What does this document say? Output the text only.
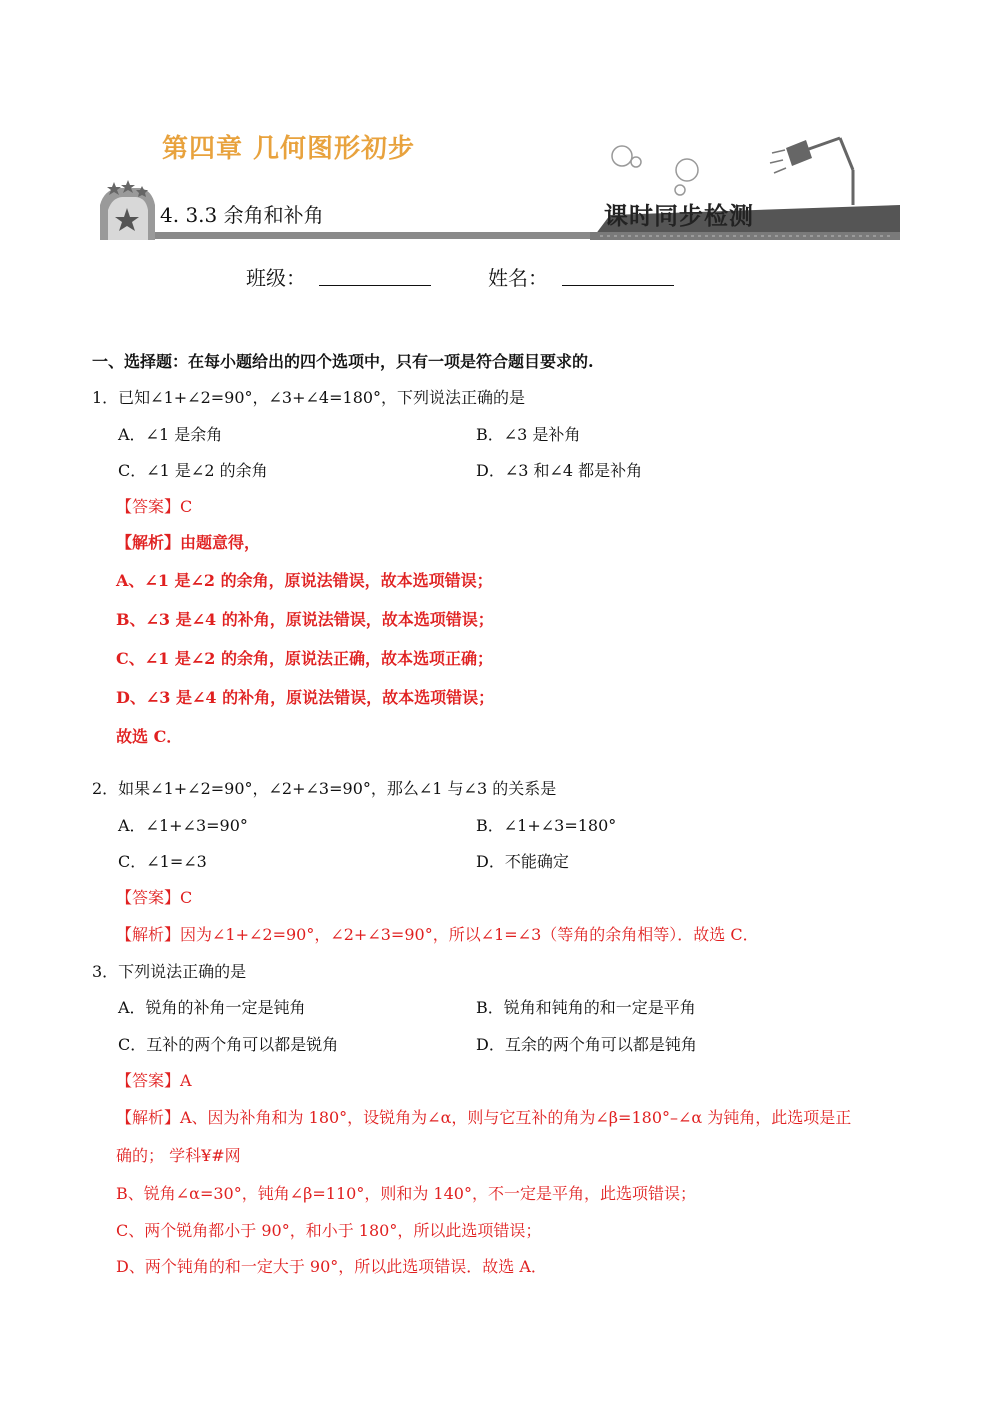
第四章 几何图形初步
4. 3.3 余角和补角	课时同步检测
班级：	姓名：
一、选择题：在每小题给出的四个选项中，只有一项是符合题目要求的.
1．已知∠1+∠2=90°，∠3+∠4=180°，下列说法正确的是
A．∠1 是余角	B．∠3 是补角
C．∠1 是∠2 的余角	D．∠3 和∠4 都是补角
【答案】C
【解析】由题意得，
A、∠1 是∠2 的余角，原说法错误，故本选项错误；
B、∠3 是∠4 的补角，原说法错误，故本选项错误；
C、∠1 是∠2 的余角，原说法正确，故本选项正确；
D、∠3 是∠4 的补角，原说法错误，故本选项错误；
故选 C．
2．如果∠1+∠2=90°，∠2+∠3=90°，那么∠1 与∠3 的关系是
A．∠1+∠3=90°	B．∠1+∠3=180°
C．∠1=∠3	D．不能确定
【答案】C
【解析】因为∠1+∠2=90°，∠2+∠3=90°，所以∠1=∠3（等角的余角相等）．故选 C．
3．下列说法正确的是
A．锐角的补角一定是钝角	B．锐角和钝角的和一定是平角
C．互补的两个角可以都是锐角	D．互余的两个角可以都是钝角
【答案】A
【解析】A、因为补角和为 180°，设锐角为∠α，则与它互补的角为∠β=180°–∠α 为钝角，此选项是正
确的； 学科¥#网
B、锐角∠α=30°，钝角∠β=110°，则和为 140°，不一定是平角，此选项错误；
C、两个锐角都小于 90°，和小于 180°，所以此选项错误；
D、两个钝角的和一定大于 90°，所以此选项错误．故选 A．
